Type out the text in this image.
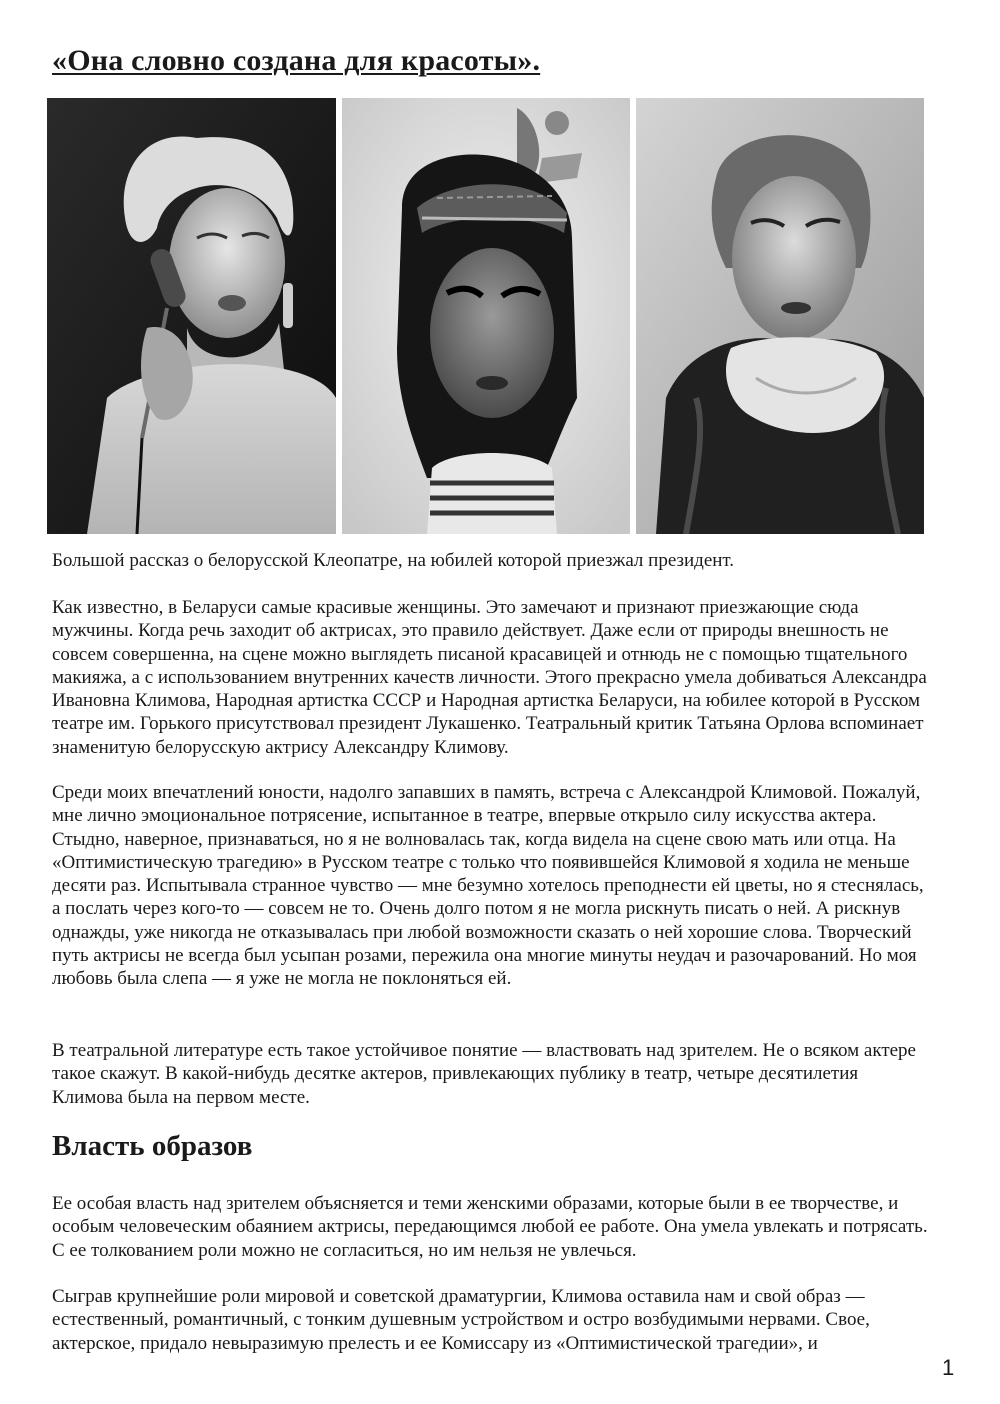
«Она словно создана для красоты».

Большой рассказ о белорусской Клеопатре, на юбилей которой приезжал президент.

Как известно, в Беларуси самые красивые женщины. Это замечают и признают приезжающие сюда мужчины. Когда речь заходит об актрисах, это правило действует. Даже если от природы внешность не совсем совершенна, на сцене можно выглядеть писаной красавицей и отнюдь не с помощью тщательного макияжа, а с использованием внутренних качеств личности. Этого прекрасно умела добиваться Александра Ивановна Климова, Народная артистка СССР и Народная артистка Беларуси, на юбилее которой в Русском театре им. Горького присутствовал президент Лукашенко. Театральный критик Татьяна Орлова вспоминает знаменитую белорусскую актрису Александру Климову.

Среди моих впечатлений юности, надолго запавших в память, встреча с Александрой Климовой. Пожалуй, мне лично эмоциональное потрясение, испытанное в театре, впервые открыло силу искусства актера. Стыдно, наверное, признаваться, но я не волновалась так, когда видела на сцене свою мать или отца. На «Оптимистическую трагедию» в Русском театре с только что появившейся Климовой я ходила не меньше десяти раз. Испытывала странное чувство — мне безумно хотелось преподнести ей цветы, но я стеснялась, а послать через кого-то — совсем не то. Очень долго потом я не могла рискнуть писать о ней. А рискнув однажды, уже никогда не отказывалась при любой возможности сказать о ней хорошие слова. Творческий путь актрисы не всегда был усыпан розами, пережила она многие минуты неудач и разочарований. Но моя любовь была слепа — я уже не могла не поклоняться ей.

В театральной литературе есть такое устойчивое понятие — властвовать над зрителем. Не о всяком актере такое скажут. В какой-нибудь десятке актеров, привлекающих публику в театр, четыре десятилетия Климова была на первом месте.

Власть образов

Ее особая власть над зрителем объясняется и теми женскими образами, которые были в ее творчестве, и особым человеческим обаянием актрисы, передающимся любой ее работе. Она умела увлекать и потрясать. С ее толкованием роли можно не согласиться, но им нельзя не увлечься.

Сыграв крупнейшие роли мировой и советской драматургии, Климова оставила нам и свой образ — естественный, романтичный, с тонким душевным устройством и остро возбудимыми нервами. Свое, актерское, придало невыразимую прелесть и ее Комиссару из «Оптимистической трагедии», и

1
